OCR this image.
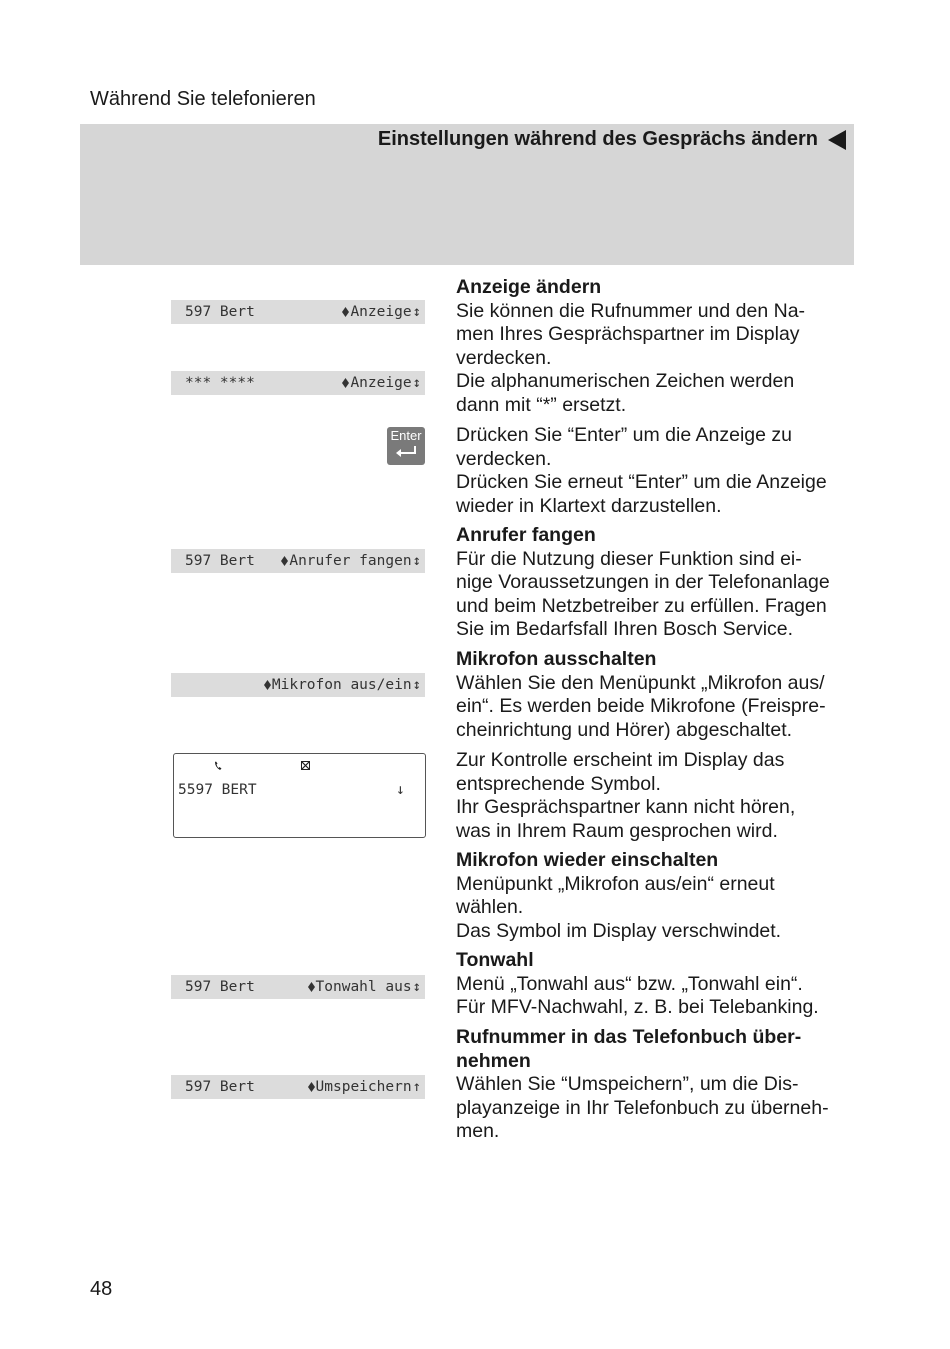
Während Sie telefonieren
Einstellungen während des Gesprächs ändern
597 Bert	Anzeige ↕
*** ****	Anzeige ↕
Enter
597 Bert Anrufer fangen ↕
Mikrofon aus/ein ↕
5597 BERT	↓
597 Bert	Tonwahl aus ↕
597 Bert	Umspeichern ↑

Anzeige ändern

Sie können die Rufnummer und den Na-

men Ihres Gesprächspartner im Display

verdecken.

Die alphanumerischen Zeichen werden

dann mit “*” ersetzt.

Drücken Sie “Enter” um die Anzeige zu

verdecken.

Drücken Sie erneut “Enter” um die Anzeige

wieder in Klartext darzustellen.

Anrufer fangen

Für die Nutzung dieser Funktion sind ei-

nige Voraussetzungen in der Telefonanlage

und beim Netzbetreiber zu erfüllen. Fragen

Sie im Bedarfsfall Ihren Bosch Service.

Mikrofon ausschalten

Wählen Sie den Menüpunkt „Mikrofon aus/

ein“. Es werden beide Mikrofone (Freispre-

cheinrichtung und Hörer) abgeschaltet.

Zur Kontrolle erscheint im Display das

entsprechende Symbol.

Ihr Gesprächspartner kann nicht hören,

was in Ihrem Raum gesprochen wird.

Mikrofon wieder einschalten

Menüpunkt „Mikrofon aus/ein“ erneut

wählen.

Das Symbol im Display verschwindet.

Tonwahl

Menü „Tonwahl aus“ bzw. „Tonwahl ein“.

Für MFV-Nachwahl, z. B. bei Telebanking.

Rufnummer in das Telefonbuch über-

nehmen

Wählen Sie “Umspeichern”, um die Dis-

playanzeige in Ihr Telefonbuch zu überneh-

men.

48
